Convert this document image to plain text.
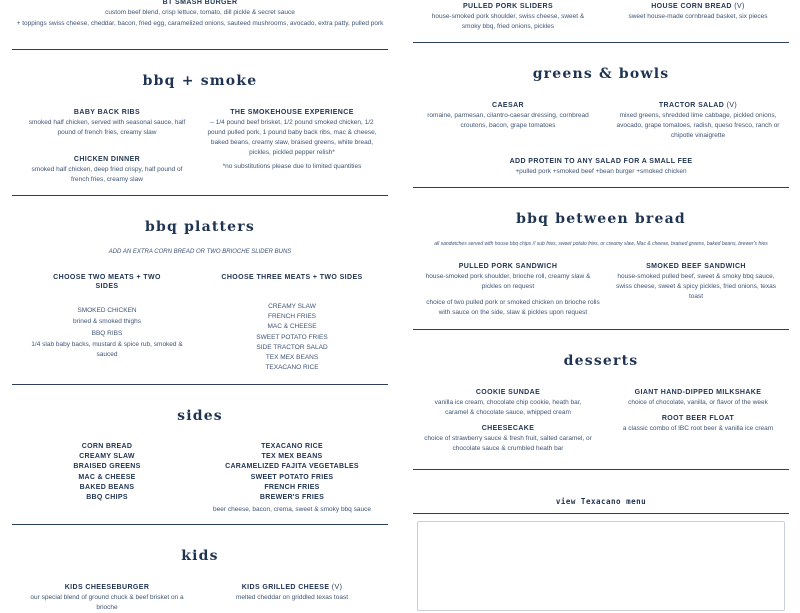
BT SMASH BURGER
custom beef blend, crisp lettuce, tomato, dill pickle & secret sauce
+ toppings swiss cheese, cheddar, bacon, fried egg, caramelized onions, sauteed mushrooms, avocado, extra patty, pulled pork
bbq + smoke
BABY BACK RIBS
smoked half chicken, served with seasonal sauce, half pound of french fries, creamy slaw
THE SMOKEHOUSE EXPERIENCE
– 1/4 pound beef brisket, 1/2 pound smoked chicken, 1/2 pound pulled pork, 1 pound baby back ribs, mac & cheese, baked beans, creamy slaw, braised greens, white bread, pickles, pickled pepper relish*
*no substitutions please due to limited quantities
CHICKEN DINNER
smoked half chicken, deep fried crispy, half pound of french fries, creamy slaw
bbq platters
ADD AN EXTRA CORN BREAD OR TWO BRIOCHE SLIDER BUNS
CHOOSE TWO MEATS + TWO SIDES
CHOOSE THREE MEATS + TWO SIDES
SMOKED CHICKEN
brined & smoked thighs
BBQ RIBS
1/4 slab baby backs, mustard & spice rub, smoked & sauced
CREAMY SLAW
FRENCH FRIES
MAC & CHEESE
SWEET POTATO FRIES
SIDE TRACTOR SALAD
TEX MEX BEANS
TEXACANO RICE
sides
CORN BREAD
CREAMY SLAW
BRAISED GREENS
MAC & CHEESE
BAKED BEANS
BBQ CHIPS
TEXACANO RICE
TEX MEX BEANS
CARAMELIZED FAJITA VEGETABLES
SWEET POTATO FRIES
FRENCH FRIES
BREWER'S FRIES
beer cheese, bacon, crema, sweet & smoky bbq sauce
kids
KIDS CHEESEBURGER
our special blend of ground chuck & beef brisket on a brioche
KIDS GRILLED CHEESE (V)
melted cheddar on griddled texas toast
PULLED PORK SLIDERS
house-smoked pork shoulder, swiss cheese, sweet & smoky bbq, fried onions, pickles
HOUSE CORN BREAD (V)
sweet house-made cornbread basket, six pieces
greens & bowls
CAESAR
romaine, parmesan, cilantro-caesar dressing, cornbread croutons, bacon, grape tomatoes
TRACTOR SALAD (V)
mixed greens, shredded lime cabbage, pickled onions, avocado, grape tomatoes, radish, queso fresco, ranch or chipotle vinaigrette
ADD PROTEIN TO ANY SALAD FOR A SMALL FEE
+pulled pork +smoked beef +bean burger +smoked chicken
bbq between bread
all sandwiches served with house bbq chips // sub fries, sweet potato fries, or creamy slaw, Mac & cheese, braised greens, baked beans, brewer's fries
PULLED PORK SANDWICH
house-smoked pork shoulder, brioche roll, creamy slaw & pickles on request
SMOKED BEEF SANDWICH
house-smoked pulled beef, sweet & smoky bbq sauce, swiss cheese, sweet & spicy pickles, fried onions, texas toast
choice of two pulled pork or smoked chicken on brioche rolls with sauce on the side, slaw & pickles upon request
desserts
COOKIE SUNDAE
vanilla ice cream, chocolate chip cookie, heath bar, caramel & chocolate sauce, whipped cream
GIANT HAND-DIPPED MILKSHAKE
choice of chocolate, vanilla, or flavor of the week
CHEESECAKE
choice of strawberry sauce & fresh fruit, salted caramel, or chocolate sauce & crumbled heath bar
ROOT BEER FLOAT
a classic combo of IBC root beer & vanilla ice cream
view Texacano menu
